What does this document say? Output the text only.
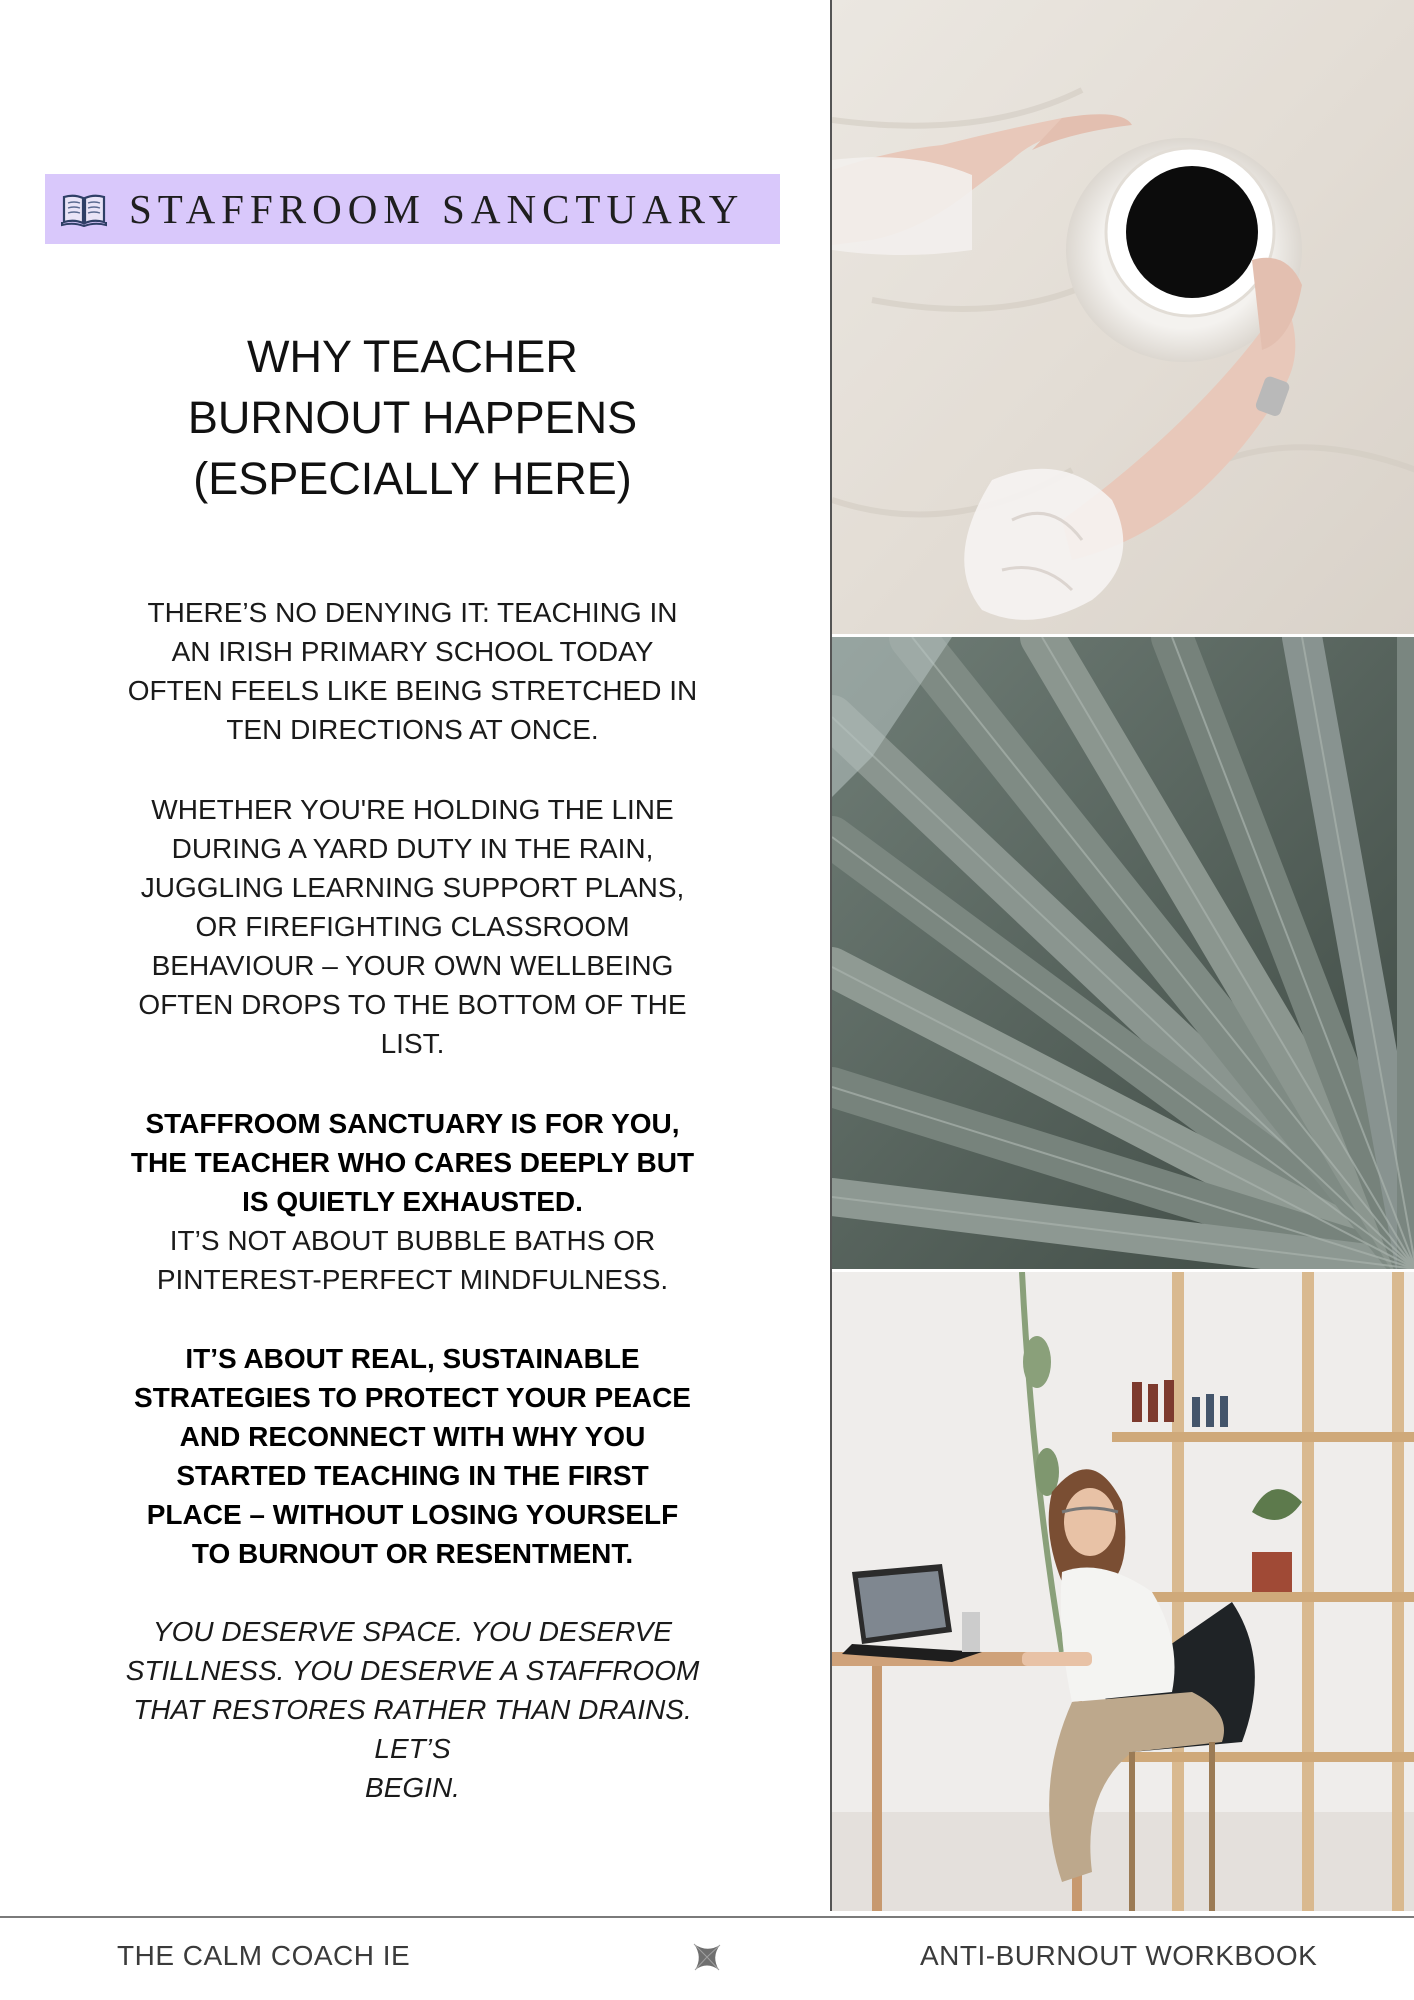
STAFFROOM SANCTUARY
WHY TEACHER
BURNOUT HAPPENS
(ESPECIALLY HERE)

THERE’S NO DENYING IT: TEACHING IN
AN IRISH PRIMARY SCHOOL TODAY
OFTEN FEELS LIKE BEING STRETCHED IN
TEN DIRECTIONS AT ONCE.

WHETHER YOU'RE HOLDING THE LINE
DURING A YARD DUTY IN THE RAIN,
JUGGLING LEARNING SUPPORT PLANS,
OR FIREFIGHTING CLASSROOM
BEHAVIOUR – YOUR OWN WELLBEING
OFTEN DROPS TO THE BOTTOM OF THE
LIST.

STAFFROOM SANCTUARY IS FOR YOU,
THE TEACHER WHO CARES DEEPLY BUT
IS QUIETLY EXHAUSTED.
IT’S NOT ABOUT BUBBLE BATHS OR
PINTEREST-PERFECT MINDFULNESS.

IT’S ABOUT REAL, SUSTAINABLE
STRATEGIES TO PROTECT YOUR PEACE
AND RECONNECT WITH WHY YOU
STARTED TEACHING IN THE FIRST
PLACE – WITHOUT LOSING YOURSELF
TO BURNOUT OR RESENTMENT.

YOU DESERVE SPACE. YOU DESERVE
STILLNESS. YOU DESERVE A STAFFROOM
THAT RESTORES RATHER THAN DRAINS. LET’S
BEGIN.

THE CALM COACH IE	ANTI-BURNOUT WORKBOOK
